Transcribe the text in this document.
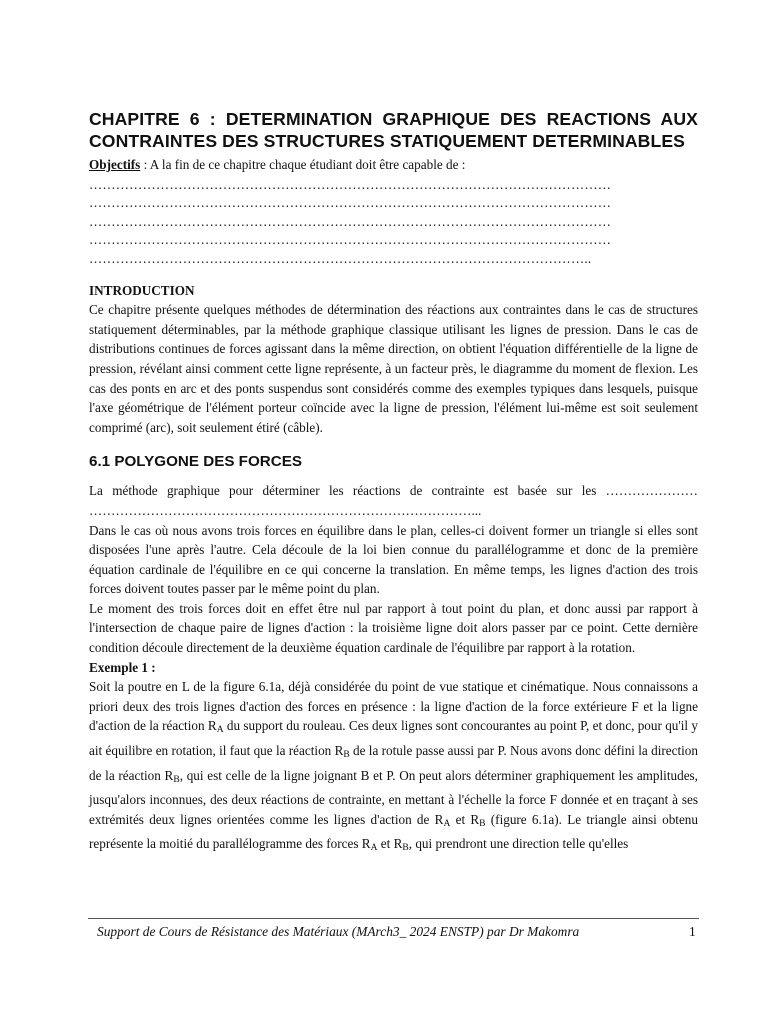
CHAPITRE 6 : DETERMINATION GRAPHIQUE DES REACTIONS AUX CONTRAINTES DES STRUCTURES STATIQUEMENT DETERMINABLES

Objectifs : A la fin de ce chapitre chaque étudiant doit être capable de :

………………………………………………………………………………………………………
………………………………………………………………………………………………………
………………………………………………………………………………………………………
………………………………………………………………………………………………………
…………………………………………………………………………………………………..

INTRODUCTION

Ce chapitre présente quelques méthodes de détermination des réactions aux contraintes dans le cas de structures statiquement déterminables, par la méthode graphique classique utilisant les lignes de pression. Dans le cas de distributions continues de forces agissant dans la même direction, on obtient l'équation différentielle de la ligne de pression, révélant ainsi comment cette ligne représente, à un facteur près, le diagramme du moment de flexion. Les cas des ponts en arc et des ponts suspendus sont considérés comme des exemples typiques dans lesquels, puisque l'axe géométrique de l'élément porteur coïncide avec la ligne de pression, l'élément lui-même est soit seulement comprimé (arc), soit seulement étiré (câble).

6.1 POLYGONE DES FORCES

La méthode graphique pour déterminer les réactions de contrainte est basée sur les ………………… ……………………………………………………………………………...

Dans le cas où nous avons trois forces en équilibre dans le plan, celles-ci doivent former un triangle si elles sont disposées l'une après l'autre. Cela découle de la loi bien connue du parallélogramme et donc de la première équation cardinale de l'équilibre en ce qui concerne la translation. En même temps, les lignes d'action des trois forces doivent toutes passer par le même point du plan.

Le moment des trois forces doit en effet être nul par rapport à tout point du plan, et donc aussi par rapport à l'intersection de chaque paire de lignes d'action : la troisième ligne doit alors passer par ce point. Cette dernière condition découle directement de la deuxième équation cardinale de l'équilibre par rapport à la rotation.

Exemple 1 :

Soit la poutre en L de la figure 6.1a, déjà considérée du point de vue statique et cinématique. Nous connaissons a priori deux des trois lignes d'action des forces en présence : la ligne d'action de la force extérieure F et la ligne d'action de la réaction $R_A$ du support du rouleau. Ces deux lignes sont concourantes au point P, et donc, pour qu'il y ait équilibre en rotation, il faut que la réaction $R_B$ de la rotule passe aussi par P. Nous avons donc défini la direction de la réaction $R_B$, qui est celle de la ligne joignant B et P. On peut alors déterminer graphiquement les amplitudes, jusqu'alors inconnues, des deux réactions de contrainte, en mettant à l'échelle la force F donnée et en traçant à ses extrémités deux lignes orientées comme les lignes d'action de $R_A$ et $R_B$ (figure 6.1a). Le triangle ainsi obtenu représente la moitié du parallélogramme des forces $R_A$ et $R_B$, qui prendront une direction telle qu'elles

Support de Cours de Résistance des Matériaux (MArch3_ 2024 ENSTP) par Dr Makomra	1
